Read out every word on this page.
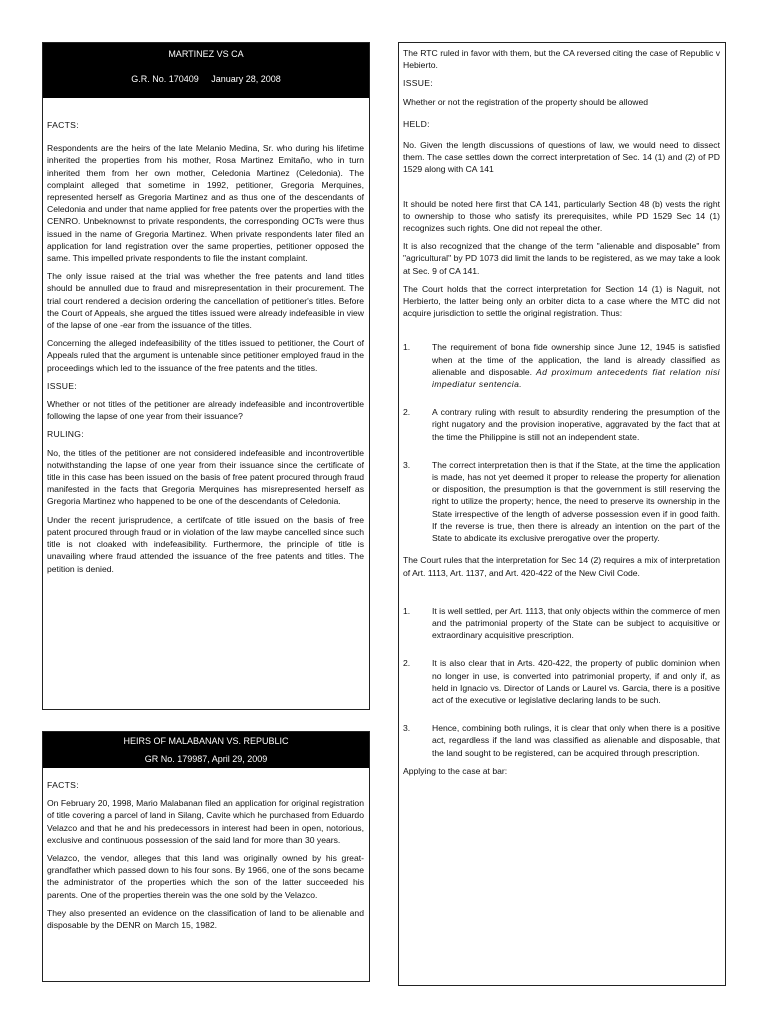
MARTINEZ VS CA
G.R. No. 170409     January 28, 2008
FACTS:

Respondents are the heirs of the late Melanio Medina, Sr. who during his lifetime inherited the properties from his mother, Rosa Martinez Emitaño, who in turn inherited them from her own mother, Celedonia Martinez (Celedonia). The complaint alleged that sometime in 1992, petitioner, Gregoria Merquines, represented herself as Gregoria Martinez and as thus one of the descendants of Celedonia and under that name applied for free patents over the properties with the CENRO. Unbeknownst to private respondents, the corresponding OCTs were thus issued in the name of Gregoria Martinez. When private respondents later filed an application for land registration over the same properties, petitioner opposed the same. This impelled private respondents to file the instant complaint.

The only issue raised at the trial was whether the free patents and land titles should be annulled due to fraud and misrepresentation in their procurement. The trial court rendered a decision ordering the cancellation of petitioner's titles. Before the Court of Appeals, she argued the titles issued were already indefeasible in view of the lapse of one -ear from the issuance of the titles.

Concerning the alleged indefeasibility of the titles issued to petitioner, the Court of Appeals ruled that the argument is untenable since petitioner employed fraud in the proceedings which led to the issuance of the free patents and the titles.

ISSUE:

Whether or not titles of the petitioner are already indefeasible and incontrovertible following the lapse of one year from their issuance?

RULING:

No, the titles of the petitioner are not considered indefeasible and incontrovertible notwithstanding the lapse of one year from their issuance since the certificate of title in this case has been issued on the basis of free patent procured through fraud manifested in the facts that Gregoria Merquines has misrepresented herself as Gregoria Martinez who happened to be one of the descendants of Celedonia.

Under the recent jurisprudence, a certifcate of title issued on the basis of free patent procured through fraud or in violation of the law maybe cancelled since such title is not cloaked with indefeasibility. Furthermore, the principle of title is unavailing where fraud attended the issuance of the free patents and titles. The petition is denied.

HEIRS OF MALABANAN VS. REPUBLIC
GR No. 179987, April 29, 2009
FACTS:

On February 20, 1998, Mario Malabanan filed an application for original registration of title covering a parcel of land in Silang, Cavite which he purchased from Eduardo Velazco and that he and his predecessors in interest had been in open, notorious, exclusive and continuous possession of the said land for more than 30 years.

Velazco, the vendor, alleges that this land was originally owned by his great-grandfather which passed down to his four sons. By 1966, one of the sons became the administrator of the properties which the son of the latter succeeded his parents. One of the properties therein was the one sold by the Velazco.

They also presented an evidence on the classification of land to be alienable and disposable by the DENR on March 15, 1982.

The RTC ruled in favor with them, but the CA reversed citing the case of Republic v Hebierto.

ISSUE:

Whether or not the registration of the property should be allowed

HELD:

No. Given the length discussions of questions of law, we would need to dissect them. The case settles down the correct interpretation of Sec. 14 (1) and (2) of PD 1529 along with CA 141

It should be noted here first that CA 141, particularly Section 48 (b) vests the right to ownership to those who satisfy its prerequisites, while PD 1529 Sec 14 (1) recognizes such rights. One did not repeal the other.

It is also recognized that the change of the term "alienable and disposable" from "agricultural" by PD 1073 did limit the lands to be registered, as we may take a look at Sec. 9 of CA 141.

The Court holds that the correct interpretation for Section 14 (1) is Naguit, not Herbierto, the latter being only an orbiter dicta to a case where the MTC did not acquire jurisdiction to settle the original registration. Thus:

1.	The requirement of bona fide ownership since June 12, 1945 is satisfied when at the time of the application, the land is already classified as alienable and disposable. Ad proximum antecedents fiat relation nisi impediatur sentencia.
2.	A contrary ruling with result to absurdity rendering the presumption of the right nugatory and the provision inoperative, aggravated by the fact that at the time the Philippine is still not an independent state.
3.	The correct interpretation then is that if the State, at the time the application is made, has not yet deemed it proper to release the property for alienation or disposition, the presumption is that the government is still reserving the right to utilize the property; hence, the need to preserve its ownership in the State irrespective of the length of adverse possession even if in good faith. If the reverse is true, then there is already an intention on the part of the State to abdicate its exclusive prerogative over the property.

The Court rules that the interpretation for Sec 14 (2) requires a mix of interpretation of Art. 1113, Art. 1137, and Art. 420-422 of the New Civil Code.

1.	It is well settled, per Art. 1113, that only objects within the commerce of men and the patrimonial property of the State can be subject to acquisitive or extraordinary acquisitive prescription.
2.	It is also clear that in Arts. 420-422, the property of public dominion when no longer in use, is converted into patrimonial property, if and only if, as held in Ignacio vs. Director of Lands or Laurel vs. Garcia, there is a positive act of the executive or legislative declaring lands to be such.
3.	Hence, combining both rulings, it is clear that only when there is a positive act, regardless if the land was classified as alienable and disposable, that the land sought to be registered, can be acquired through prescription.

Applying to the case at bar:
